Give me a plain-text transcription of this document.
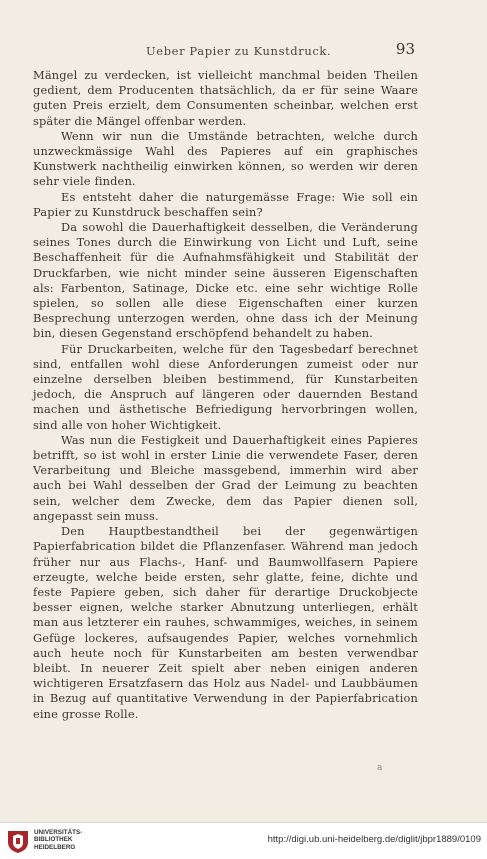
Ueber Papier zu Kunstdruck.	93

Mängel zu verdecken, ist vielleicht manchmal beiden Theilen gedient, dem Producenten thatsächlich, da er für seine Waare guten Preis erzielt, dem Consumenten scheinbar, welchen erst später die Mängel offenbar werden.

Wenn wir nun die Umstände betrachten, welche durch unzweckmässige Wahl des Papieres auf ein graphisches Kunstwerk nachtheilig einwirken können, so werden wir deren sehr viele finden.

Es entsteht daher die naturgemässe Frage: Wie soll ein Papier zu Kunstdruck beschaffen sein?

Da sowohl die Dauerhaftigkeit desselben, die Veränderung seines Tones durch die Einwirkung von Licht und Luft, seine Beschaffenheit für die Aufnahmsfähigkeit und Stabilität der Druckfarben, wie nicht minder seine äusseren Eigenschaften als: Farbenton, Satinage, Dicke etc. eine sehr wichtige Rolle spielen, so sollen alle diese Eigenschaften einer kurzen Besprechung unterzogen werden, ohne dass ich der Meinung bin, diesen Gegenstand erschöpfend behandelt zu haben.

Für Druckarbeiten, welche für den Tagesbedarf berechnet sind, entfallen wohl diese Anforderungen zumeist oder nur einzelne derselben bleiben bestimmend, für Kunstarbeiten jedoch, die Anspruch auf längeren oder dauernden Bestand machen und ästhetische Befriedigung hervorbringen wollen, sind alle von hoher Wichtigkeit.

Was nun die Festigkeit und Dauerhaftigkeit eines Papieres betrifft, so ist wohl in erster Linie die verwendete Faser, deren Verarbeitung und Bleiche massgebend, immerhin wird aber auch bei Wahl desselben der Grad der Leimung zu beachten sein, welcher dem Zwecke, dem das Papier dienen soll, angepasst sein muss.

Den Hauptbestandtheil bei der gegenwärtigen Papierfabrication bildet die Pflanzenfaser. Während man jedoch früher nur aus Flachs-, Hanf- und Baumwollfasern Papiere erzeugte, welche beide ersten, sehr glatte, feine, dichte und feste Papiere geben, sich daher für derartige Druckobjecte besser eignen, welche starker Abnutzung unterliegen, erhält man aus letzterer ein rauhes, schwammiges, weiches, in seinem Gefüge lockeres, aufsaugendes Papier, welches vornehmlich auch heute noch für Kunstarbeiten am besten verwendbar bleibt. In neuerer Zeit spielt aber neben einigen anderen wichtigeren Ersatzfasern das Holz aus Nadel- und Laubbäumen in Bezug auf quantitative Verwendung in der Papierfabrication eine grosse Rolle.

a
UNIVERSITÄTS-
BIBLIOTHEK
HEIDELBERG
http://digi.ub.uni-heidelberg.de/diglit/jbpr1889/0109
